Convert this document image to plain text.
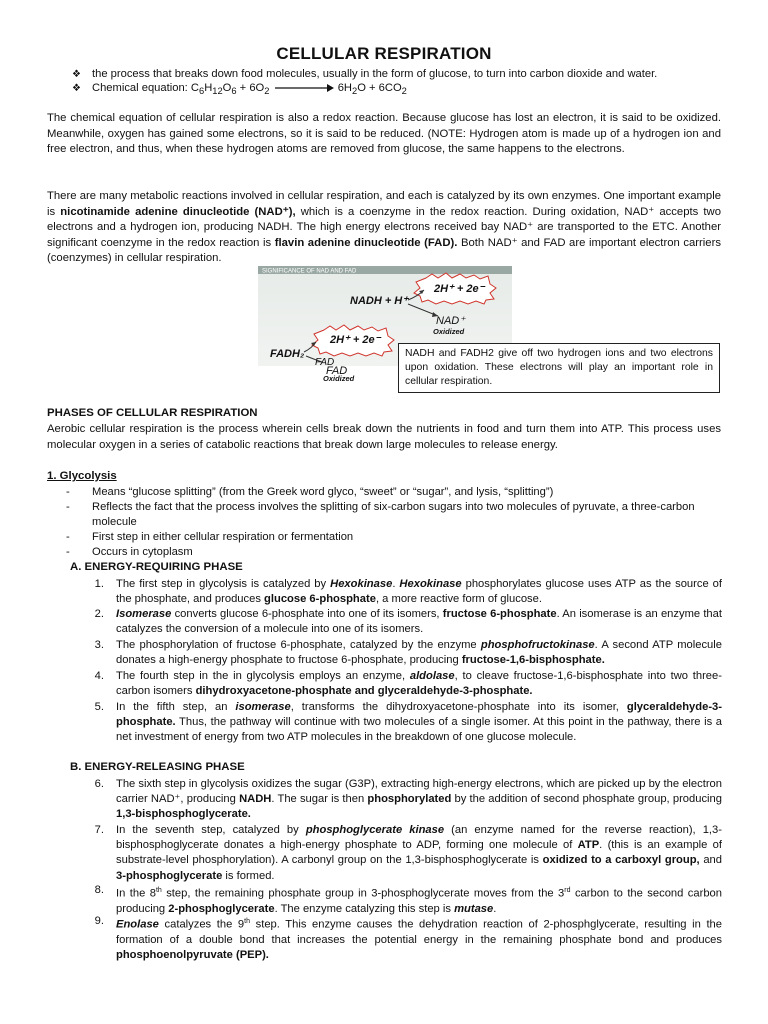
CELLULAR RESPIRATION
❖ the process that breaks down food molecules, usually in the form of glucose, to turn into carbon dioxide and water.
❖ Chemical equation: $C_6H_{12}O_6 + 6O_2$	$6H_2O + 6CO_2$

The chemical equation of cellular respiration is also a redox reaction. Because glucose has lost an electron, it is said to be oxidized. Meanwhile, oxygen has gained some electrons, so it is said to be reduced. (NOTE: Hydrogen atom is made up of a hydrogen ion and free electron, and thus, when these hydrogen atoms are removed from glucose, the same happens to the electrons.

There are many metabolic reactions involved in cellular respiration, and each is catalyzed by its own enzymes. One important example is nicotinamide adenine dinucleotide (NAD⁺), which is a coenzyme in the redox reaction. During oxidation, NAD⁺ accepts two electrons and a hydrogen ion, producing NADH. The high energy electrons received bay NAD⁺ are transported to the ETC. Another significant coenzyme in the redox reaction is flavin adenine dinucleotide (FAD). Both NAD⁺ and FAD are important electron carriers (coenzymes) in cellular respiration.

SIGNIFICANCE OF NAD AND FAD
2H⁺ + 2e⁻
NADH + H⁺
NAD⁺
Oxidized
2H⁺ + 2e⁻
FADH₂
FAD
FAD
Oxidized
NADH and FADH2 give off two hydrogen ions and two electrons upon oxidation. These electrons will play an important role in cellular respiration.
PHASES OF CELLULAR RESPIRATION

Aerobic cellular respiration is the process wherein cells break down the nutrients in food and turn them into ATP. This process uses molecular oxygen in a series of catabolic reactions that break down large molecules to release energy.

1. Glycolysis
- Means “glucose splitting” (from the Greek word glyco, “sweet” or “sugar”, and lysis, “splitting”)
- Reflects the fact that the process involves the splitting of six-carbon sugars into two molecules of pyruvate, a three-carbon molecule
- First step in either cellular respiration or fermentation
- Occurs in cytoplasm
A. ENERGY-REQUIRING PHASE
1. The first step in glycolysis is catalyzed by Hexokinase. Hexokinase phosphorylates glucose uses ATP as the source of the phosphate, and produces glucose 6-phosphate, a more reactive form of glucose.
2. Isomerase converts glucose 6-phosphate into one of its isomers, fructose 6-phosphate. An isomerase is an enzyme that catalyzes the conversion of a molecule into one of its isomers.
3. The phosphorylation of fructose 6-phosphate, catalyzed by the enzyme phosphofructokinase. A second ATP molecule donates a high-energy phosphate to fructose 6-phosphate, producing fructose-1,6-bisphosphate.
4. The fourth step in the in glycolysis employs an enzyme, aldolase, to cleave fructose-1,6-bisphosphate into two three-carbon isomers dihydroxyacetone-phosphate and glyceraldehyde-3-phosphate.
5. In the fifth step, an isomerase, transforms the dihydroxyacetone-phosphate into its isomer, glyceraldehyde-3-phosphate. Thus, the pathway will continue with two molecules of a single isomer. At this point in the pathway, there is a net investment of energy from two ATP molecules in the breakdown of one glucose molecule.
B. ENERGY-RELEASING PHASE
6. The sixth step in glycolysis oxidizes the sugar (G3P), extracting high-energy electrons, which are picked up by the electron carrier NAD⁺, producing NADH. The sugar is then phosphorylated by the addition of second phosphate group, producing 1,3-bisphosphoglycerate.
7. In the seventh step, catalyzed by phosphoglycerate kinase (an enzyme named for the reverse reaction), 1,3-bisphosphoglycerate donates a high-energy phosphate to ADP, forming one molecule of ATP. (this is an example of substrate-level phosphorylation). A carbonyl group on the 1,3-bisphosphoglycerate is oxidized to a carboxyl group, and 3-phosphoglycerate is formed.
8. In the 8th step, the remaining phosphate group in 3-phosphoglycerate moves from the 3rd carbon to the second carbon producing 2-phosphoglycerate. The enzyme catalyzing this step is mutase.
9. Enolase catalyzes the 9th step. This enzyme causes the dehydration reaction of 2-phosphglycerate, resulting in the formation of a double bond that increases the potential energy in the remaining phosphate bond and produces phosphoenolpyruvate (PEP).
